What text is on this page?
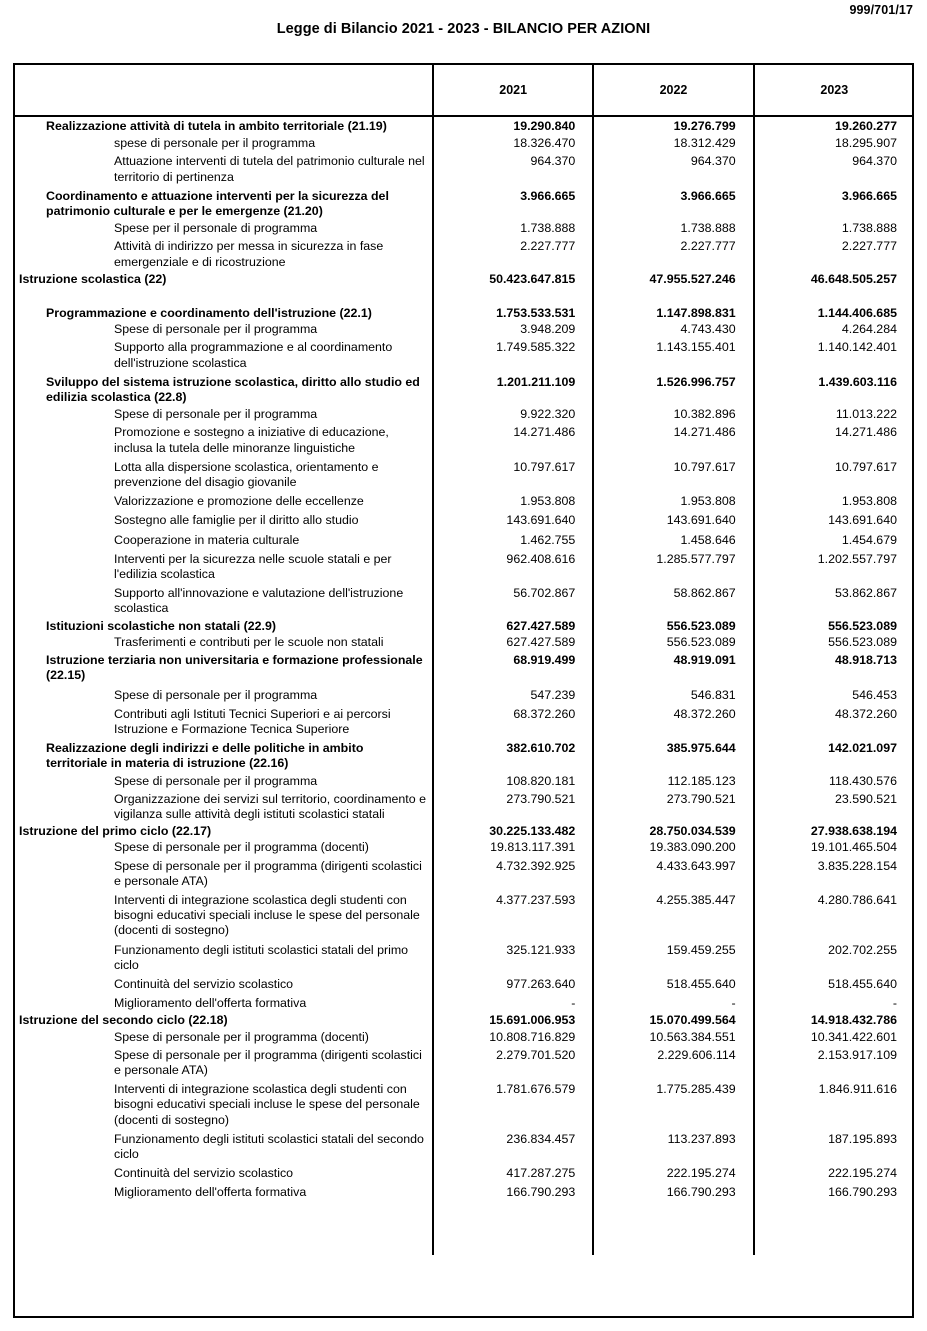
999/701/17
Legge di Bilancio 2021 - 2023 - BILANCIO PER AZIONI
	2021	2022	2023

Realizzazione attività di tutela in ambito territoriale (21.19)	19.290.840	19.276.799	19.260.277

spese di personale per il programma	18.326.470	18.312.429	18.295.907

Attuazione interventi di tutela del patrimonio culturale nel territorio di pertinenza	964.370	964.370	964.370

Coordinamento e attuazione interventi per la sicurezza del patrimonio culturale e per le emergenze (21.20)	3.966.665	3.966.665	3.966.665

Spese per il personale di programma	1.738.888	1.738.888	1.738.888

Attività di indirizzo per messa in sicurezza in fase emergenziale e di ricostruzione	2.227.777	2.227.777	2.227.777

Istruzione scolastica (22)	50.423.647.815	47.955.527.246	46.648.505.257

Programmazione e coordinamento dell'istruzione (22.1)	1.753.533.531	1.147.898.831	1.144.406.685

Spese di personale per il programma	3.948.209	4.743.430	4.264.284

Supporto alla programmazione e al coordinamento dell'istruzione scolastica	1.749.585.322	1.143.155.401	1.140.142.401

Sviluppo del sistema istruzione scolastica, diritto allo studio ed edilizia scolastica (22.8)	1.201.211.109	1.526.996.757	1.439.603.116

Spese di personale per il programma	9.922.320	10.382.896	11.013.222

Promozione e sostegno a iniziative di educazione, inclusa la tutela delle minoranze linguistiche	14.271.486	14.271.486	14.271.486

Lotta alla dispersione scolastica, orientamento e prevenzione del disagio giovanile	10.797.617	10.797.617	10.797.617

Valorizzazione e promozione delle eccellenze	1.953.808	1.953.808	1.953.808

Sostegno alle famiglie per il diritto allo studio	143.691.640	143.691.640	143.691.640

Cooperazione in materia culturale	1.462.755	1.458.646	1.454.679

Interventi per la sicurezza nelle scuole statali e per l'edilizia scolastica	962.408.616	1.285.577.797	1.202.557.797

Supporto all'innovazione e valutazione dell'istruzione scolastica	56.702.867	58.862.867	53.862.867

Istituzioni scolastiche non statali (22.9)	627.427.589	556.523.089	556.523.089

Trasferimenti e contributi per le scuole non statali	627.427.589	556.523.089	556.523.089

Istruzione terziaria non universitaria e formazione professionale (22.15)	68.919.499	48.919.091	48.918.713

Spese di personale per il programma	547.239	546.831	546.453

Contributi agli Istituti Tecnici Superiori e ai percorsi Istruzione e Formazione Tecnica Superiore	68.372.260	48.372.260	48.372.260

Realizzazione degli indirizzi e delle politiche in ambito territoriale in materia di istruzione (22.16)	382.610.702	385.975.644	142.021.097

Spese di personale per il programma	108.820.181	112.185.123	118.430.576

Organizzazione dei servizi sul territorio, coordinamento e vigilanza sulle attività degli istituti scolastici statali	273.790.521	273.790.521	23.590.521

Istruzione del primo ciclo (22.17)	30.225.133.482	28.750.034.539	27.938.638.194

Spese di personale per il programma (docenti)	19.813.117.391	19.383.090.200	19.101.465.504

Spese di personale per il programma (dirigenti scolastici e personale ATA)	4.732.392.925	4.433.643.997	3.835.228.154

Interventi di integrazione scolastica degli studenti con bisogni educativi speciali incluse le spese del personale (docenti di sostegno)	4.377.237.593	4.255.385.447	4.280.786.641

Funzionamento degli istituti scolastici statali del primo ciclo	325.121.933	159.459.255	202.702.255

Continuità del servizio scolastico	977.263.640	518.455.640	518.455.640

Miglioramento dell'offerta formativa	-	-	-

Istruzione del secondo ciclo (22.18)	15.691.006.953	15.070.499.564	14.918.432.786

Spese di personale per il programma (docenti)	10.808.716.829	10.563.384.551	10.341.422.601

Spese di personale per il programma (dirigenti scolastici e personale ATA)	2.279.701.520	2.229.606.114	2.153.917.109

Interventi di integrazione scolastica degli studenti con bisogni educativi speciali incluse le spese del personale (docenti di sostegno)	1.781.676.579	1.775.285.439	1.846.911.616

Funzionamento degli istituti scolastici statali del secondo ciclo	236.834.457	113.237.893	187.195.893

Continuità del servizio scolastico	417.287.275	222.195.274	222.195.274

Miglioramento dell'offerta formativa	166.790.293	166.790.293	166.790.293
